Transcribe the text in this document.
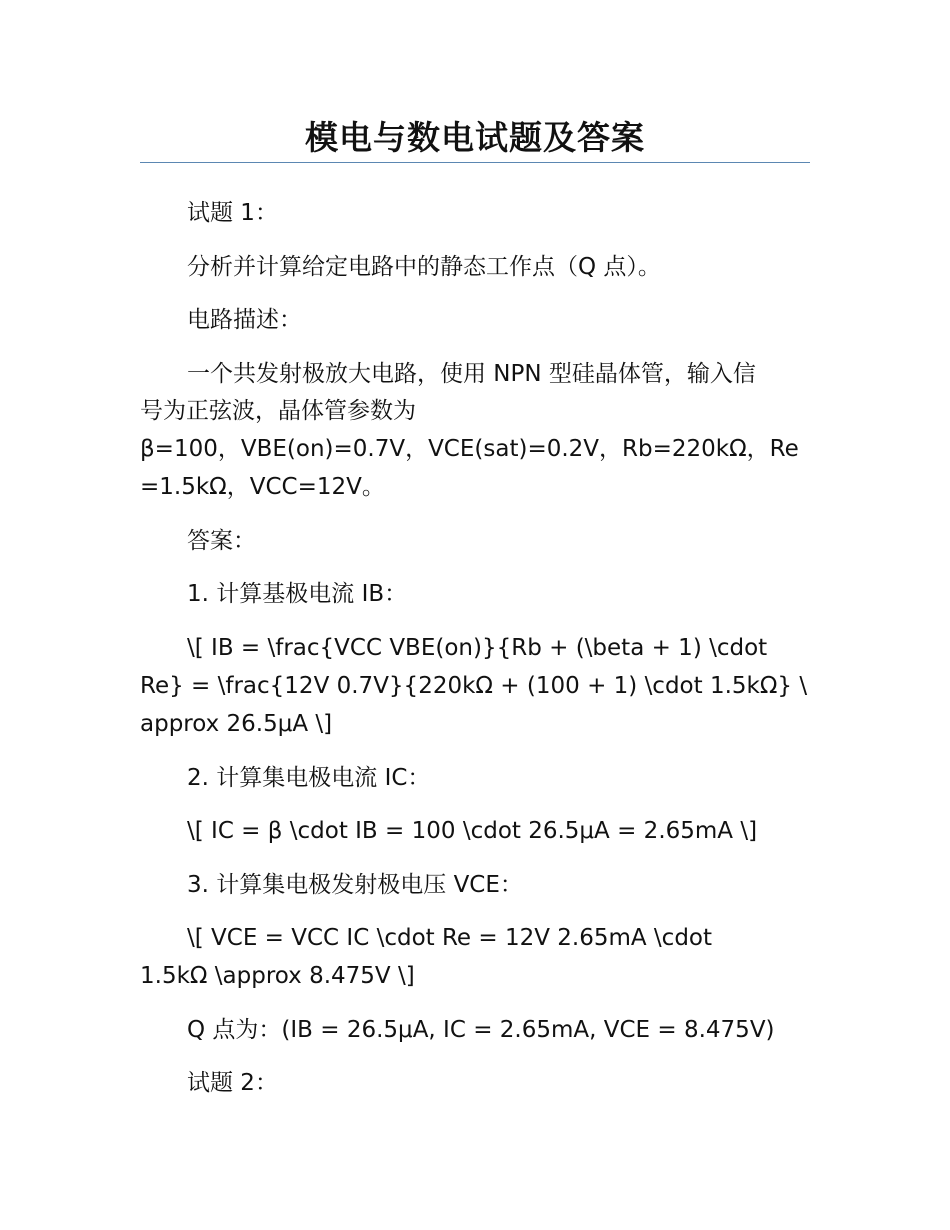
模电与数电试题及答案
试题 1：
分析并计算给定电路中的静态工作点（Q 点）。
电路描述：
一个共发射极放大电路，使用 NPN 型硅晶体管，输入信
号为正弦波，晶体管参数为
β=100，VBE(on)=0.7V，VCE(sat)=0.2V，Rb=220kΩ，Re
=1.5kΩ，VCC=12V。
答案：
1. 计算基极电流 IB：
\[ IB = \frac{VCC VBE(on)}{Rb + (\beta + 1) \cdot
Re} = \frac{12V 0.7V}{220kΩ + (100 + 1) \cdot 1.5kΩ} \
approx 26.5μA \]
2. 计算集电极电流 IC：
\[ IC = β \cdot IB = 100 \cdot 26.5μA = 2.65mA \]
3. 计算集电极发射极电压 VCE：
\[ VCE = VCC IC \cdot Re = 12V 2.65mA \cdot
1.5kΩ \approx 8.475V \]
Q 点为：(IB = 26.5μA, IC = 2.65mA, VCE = 8.475V)
试题 2：
